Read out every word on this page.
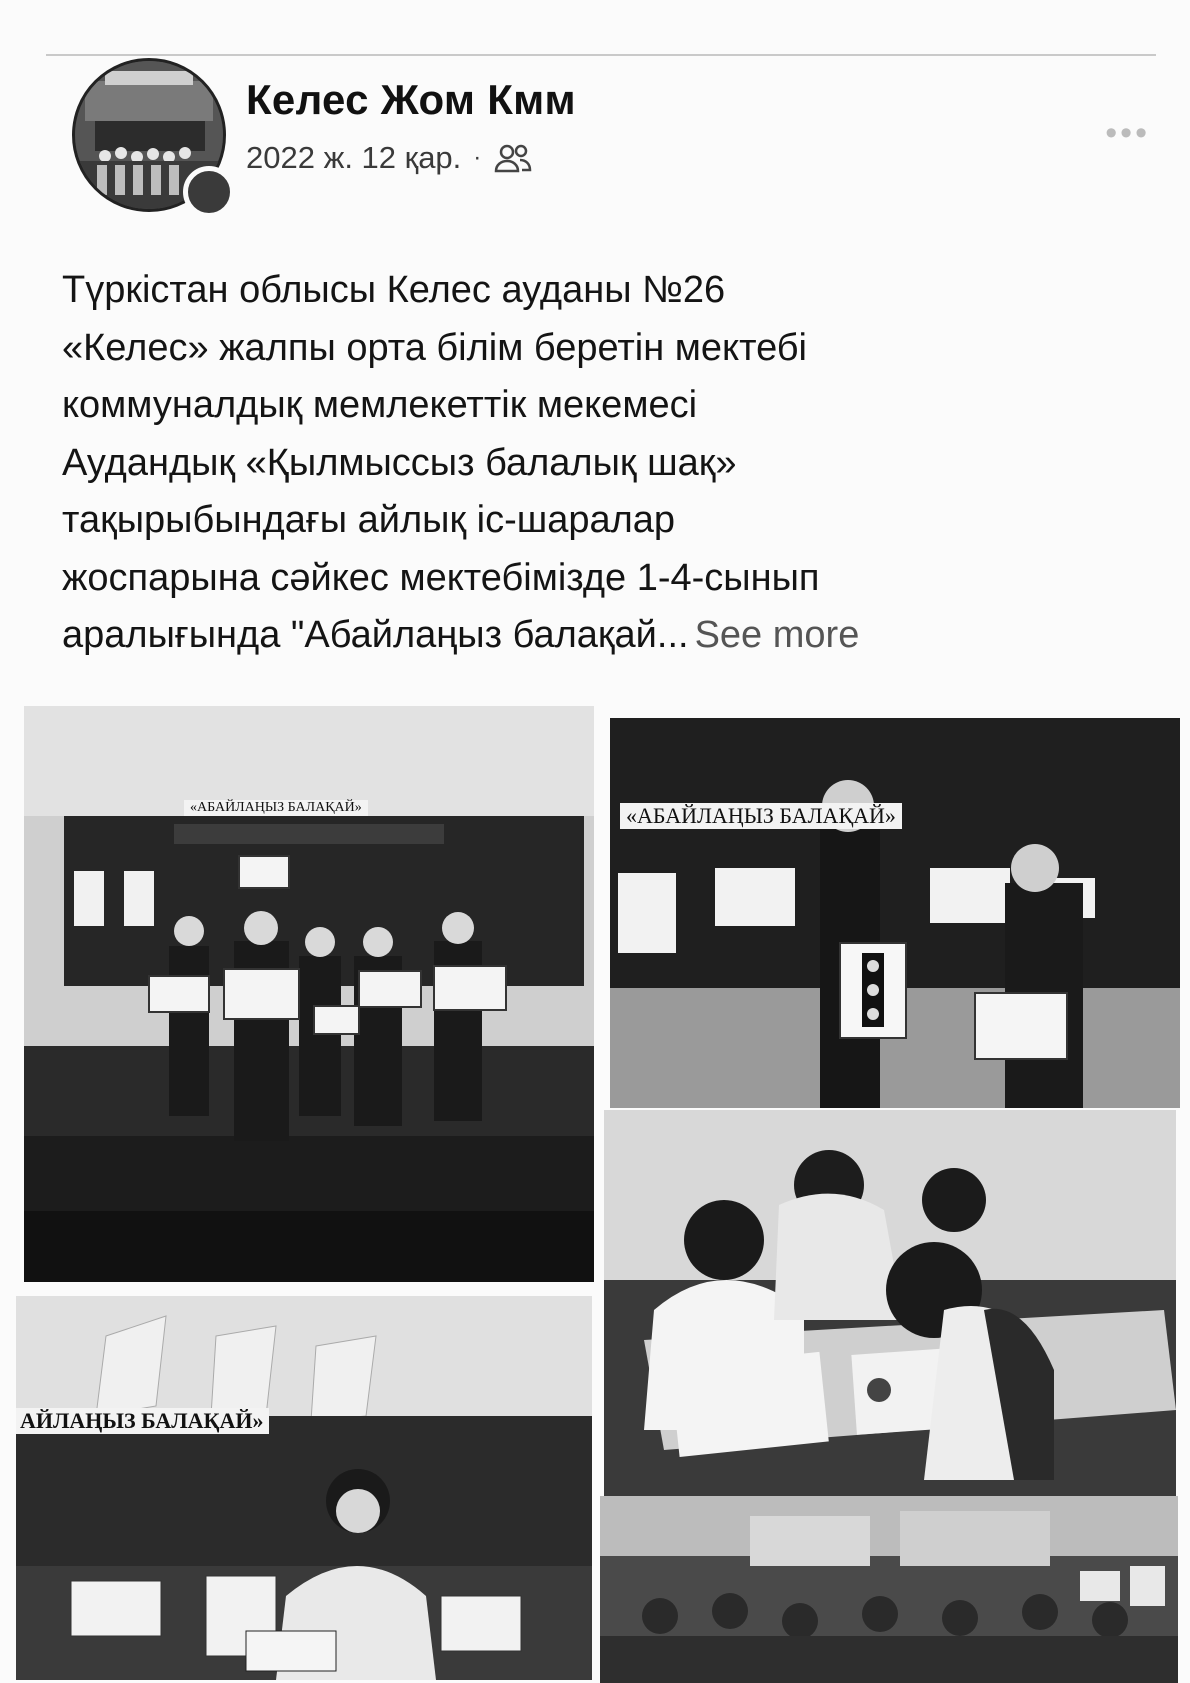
Келес Жом Кмм
2022 ж. 12 қар. ·
•••

Түркістан облысы Келес ауданы №26
«Келес» жалпы орта білім беретін мектебі
коммуналдық мемлекеттік мекемесі
Аудандық «Қылмыссыз балалық шақ»
тақырыбындағы айлық іс-шаралар
жоспарына сәйкес мектебімізде 1-4-сынып
аралығында "Абайлаңыз балақай... See more

«АБАЙЛАҢЫЗ БАЛАҚАЙ»	«АБАЙЛАҢЫЗ БАЛАҚАЙ»
АЙЛАҢЫЗ БАЛАҚАЙ»
